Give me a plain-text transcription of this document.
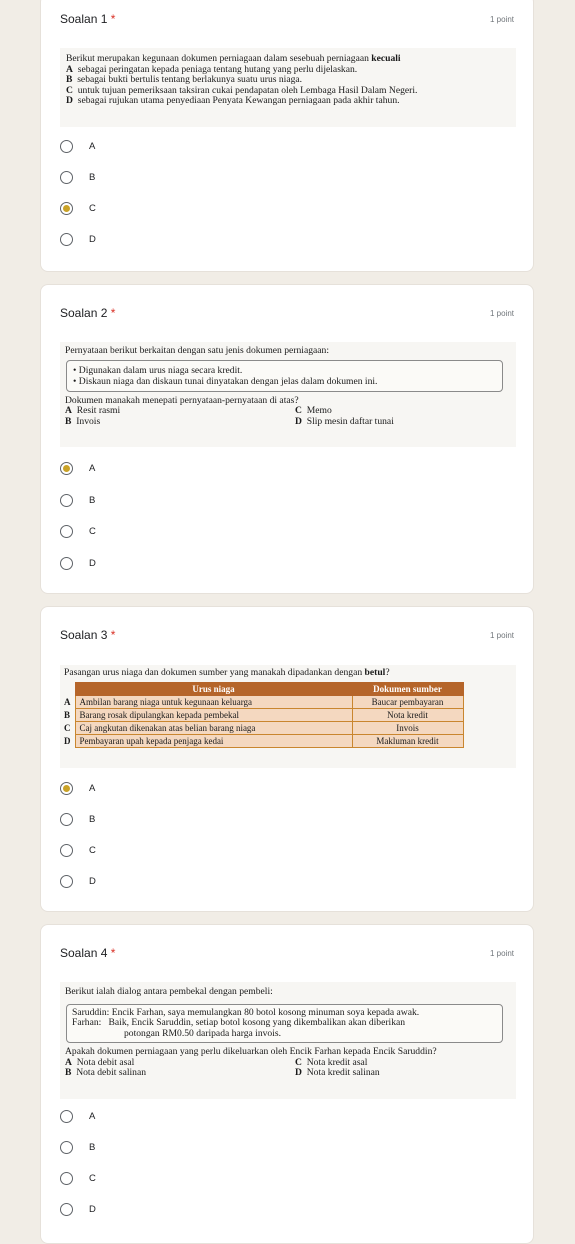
Soalan 1 *	1 point
Berikut merupakan kegunaan dokumen perniagaan dalam sesebuah perniagaan kecuali
A sebagai peringatan kepada peniaga tentang hutang yang perlu dijelaskan.
B sebagai bukti bertulis tentang berlakunya suatu urus niaga.
C untuk tujuan pemeriksaan taksiran cukai pendapatan oleh Lembaga Hasil Dalam Negeri.
D sebagai rujukan utama penyediaan Penyata Kewangan perniagaan pada akhir tahun.
A
B
C
D
Soalan 2 *	1 point
Pernyataan berikut berkaitan dengan satu jenis dokumen perniagaan:
• Digunakan dalam urus niaga secara kredit.
• Diskaun niaga dan diskaun tunai dinyatakan dengan jelas dalam dokumen ini.
Dokumen manakah menepati pernyataan-pernyataan di atas?
A Resit rasmi	C Memo
B Invois	D Slip mesin daftar tunai
A
B
C
D
Soalan 3 *	1 point
Pasangan urus niaga dan dokumen sumber yang manakah dipadankan dengan betul?
	Urus niaga	Dokumen sumber
A	Ambilan barang niaga untuk kegunaan keluarga	Baucar pembayaran
B	Barang rosak dipulangkan kepada pembekal	Nota kredit
C	Caj angkutan dikenakan atas belian barang niaga	Invois
D	Pembayaran upah kepada penjaga kedai	Makluman kredit
A
B
C
D
Soalan 4 *	1 point
Berikut ialah dialog antara pembekal dengan pembeli:
Saruddin: Encik Farhan, saya memulangkan 80 botol kosong minuman soya kepada awak.
Farhan: Baik, Encik Saruddin, setiap botol kosong yang dikembalikan akan diberikan
potongan RM0.50 daripada harga invois.
Apakah dokumen perniagaan yang perlu dikeluarkan oleh Encik Farhan kepada Encik Saruddin?
A Nota debit asal	C Nota kredit asal
B Nota debit salinan	D Nota kredit salinan
A
B
C
D
